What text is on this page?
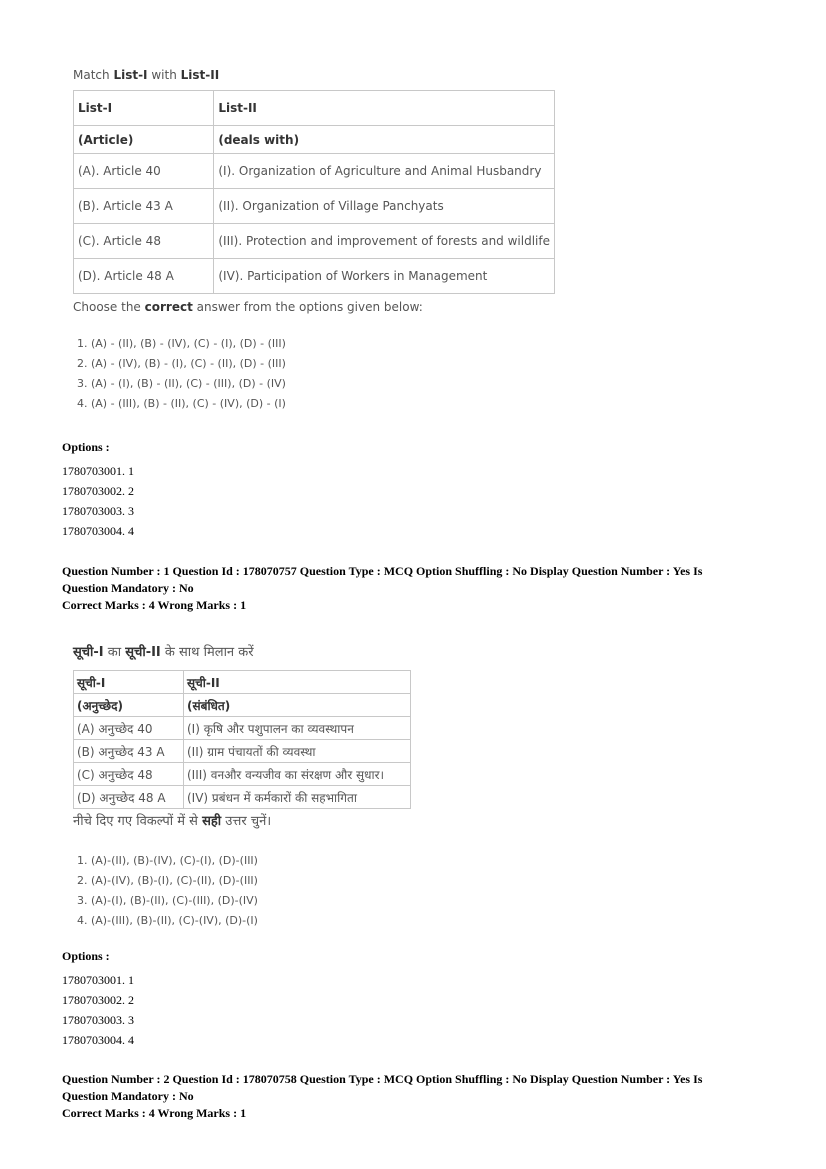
Match List-I with List-II

List-I	List-II
(Article)	(deals with)
(A). Article 40	(I). Organization of Agriculture and Animal Husbandry
(B). Article 43 A	(II). Organization of Village Panchyats
(C). Article 48	(III). Protection and improvement of forests and wildlife
(D). Article 48 A	(IV). Participation of Workers in Management

Choose the correct answer from the options given below:

1. (A) - (II), (B) - (IV), (C) - (I), (D) - (III)
2. (A) - (IV), (B) - (I), (C) - (II), (D) - (III)
3. (A) - (I), (B) - (II), (C) - (III), (D) - (IV)
4. (A) - (III), (B) - (II), (C) - (IV), (D) - (I)

Options :

1780703001. 1

1780703002. 2

1780703003. 3

1780703004. 4

Question Number : 1 Question Id : 178070757 Question Type : MCQ Option Shuffling : No Display Question Number : Yes Is

Question Mandatory : No

Correct Marks : 4 Wrong Marks : 1

सूची-I का सूची-II के साथ मिलान करें

सूची-I	सूची-II
(अनुच्छेद)	(संबंधित)
(A) अनुच्छेद 40	(I) कृषि और पशुपालन का व्यवस्थापन
(B) अनुच्छेद 43 A	(II) ग्राम पंचायतों की व्यवस्था
(C) अनुच्छेद 48	(III) वनऔर वन्यजीव का संरक्षण और सुधार।
(D) अनुच्छेद 48 A	(IV) प्रबंधन में कर्मकारों की सहभागिता

नीचे दिए गए विकल्पों में से सही उत्तर चुनें।

1. (A)-(II), (B)-(IV), (C)-(I), (D)-(III)
2. (A)-(IV), (B)-(I), (C)-(II), (D)-(III)
3. (A)-(I), (B)-(II), (C)-(III), (D)-(IV)
4. (A)-(III), (B)-(II), (C)-(IV), (D)-(I)

Options :

1780703001. 1

1780703002. 2

1780703003. 3

1780703004. 4

Question Number : 2 Question Id : 178070758 Question Type : MCQ Option Shuffling : No Display Question Number : Yes Is

Question Mandatory : No

Correct Marks : 4 Wrong Marks : 1
